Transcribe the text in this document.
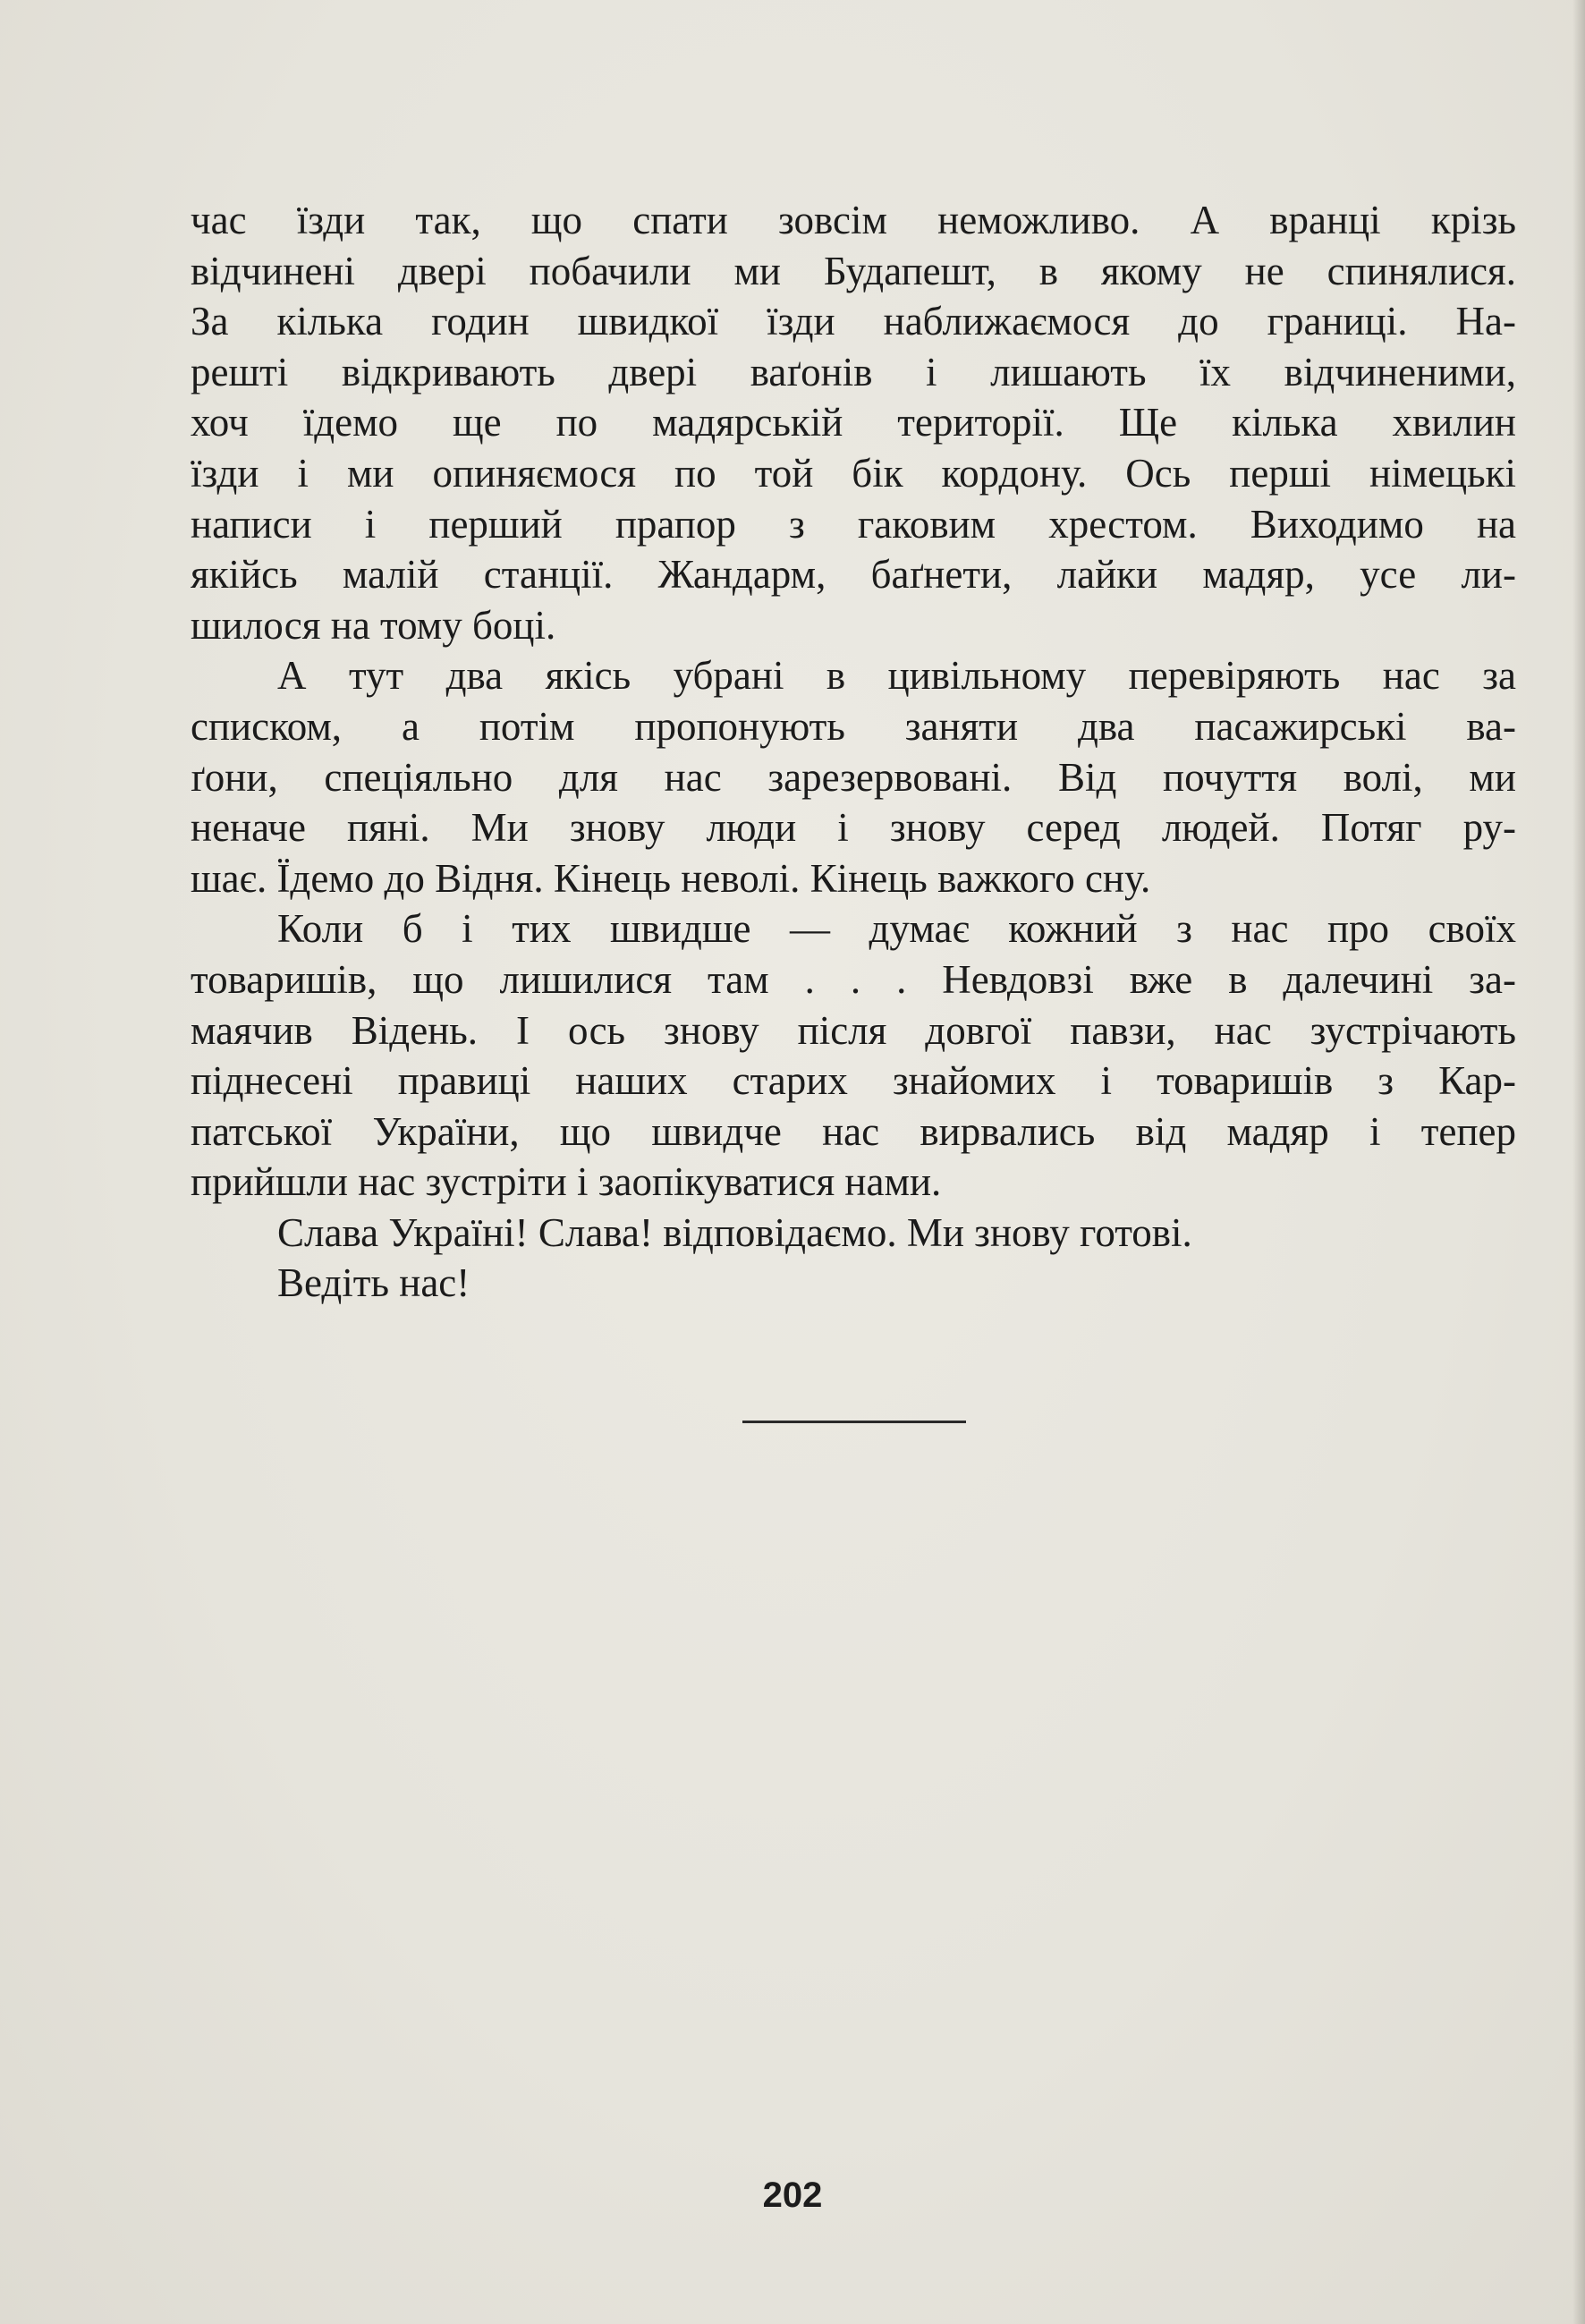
час їзди так, що спати зовсім неможливо. А вранці крізь
відчинені двері побачили ми Будапешт, в якому не спинялися.
За кілька годин швидкої їзди наближаємося до границі. На-
решті відкривають двері ваґонів і лишають їх відчиненими,
хоч їдемо ще по мадярській території. Ще кілька хвилин
їзди і ми опиняємося по той бік кордону. Ось перші німецькі
написи і перший прапор з гаковим хрестом. Виходимо на
якійсь малій станції. Жандарм, баґнети, лайки мадяр, усе ли-
шилося на тому боці.
А тут два якісь убрані в цивільному перевіряють нас за
списком, а потім пропонують заняти два пасажирські ва-
ґони, спеціяльно для нас зарезервовані. Від почуття волі, ми
неначе пяні. Ми знову люди і знову серед людей. Потяг ру-
шає. Їдемо до Відня. Кінець неволі. Кінець важкого сну.
Коли б і тих швидше — думає кожний з нас про своїх
товаришів, що лишилися там . . . Невдовзі вже в далечині за-
маячив Відень. І ось знову після довгої павзи, нас зустрічають
піднесені правиці наших старих знайомих і товаришів з Кар-
патської України, що швидче нас вирвались від мадяр і тепер
прийшли нас зустріти і заопікуватися нами.
Слава Україні! Слава! відповідаємо. Ми знову готові.
Ведіть нас!
202
